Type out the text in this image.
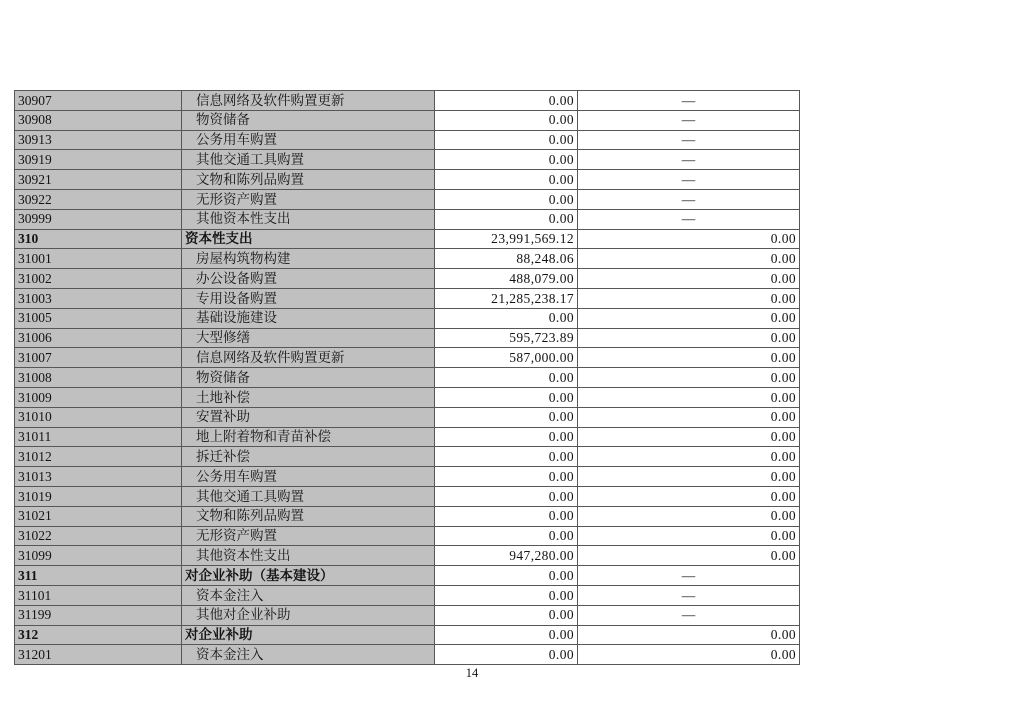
30907	信息网络及软件购置更新	0.00	—
30908	物资储备	0.00	—
30913	公务用车购置	0.00	—
30919	其他交通工具购置	0.00	—
30921	文物和陈列品购置	0.00	—
30922	无形资产购置	0.00	—
30999	其他资本性支出	0.00	—
310	资本性支出	23,991,569.12	0.00
31001	房屋构筑物构建	88,248.06	0.00
31002	办公设备购置	488,079.00	0.00
31003	专用设备购置	21,285,238.17	0.00
31005	基础设施建设	0.00	0.00
31006	大型修缮	595,723.89	0.00
31007	信息网络及软件购置更新	587,000.00	0.00
31008	物资储备	0.00	0.00
31009	土地补偿	0.00	0.00
31010	安置补助	0.00	0.00
31011	地上附着物和青苗补偿	0.00	0.00
31012	拆迁补偿	0.00	0.00
31013	公务用车购置	0.00	0.00
31019	其他交通工具购置	0.00	0.00
31021	文物和陈列品购置	0.00	0.00
31022	无形资产购置	0.00	0.00
31099	其他资本性支出	947,280.00	0.00
311	对企业补助（基本建设）	0.00	—
31101	资本金注入	0.00	—
31199	其他对企业补助	0.00	—
312	对企业补助	0.00	0.00
31201	资本金注入	0.00	0.00
14
